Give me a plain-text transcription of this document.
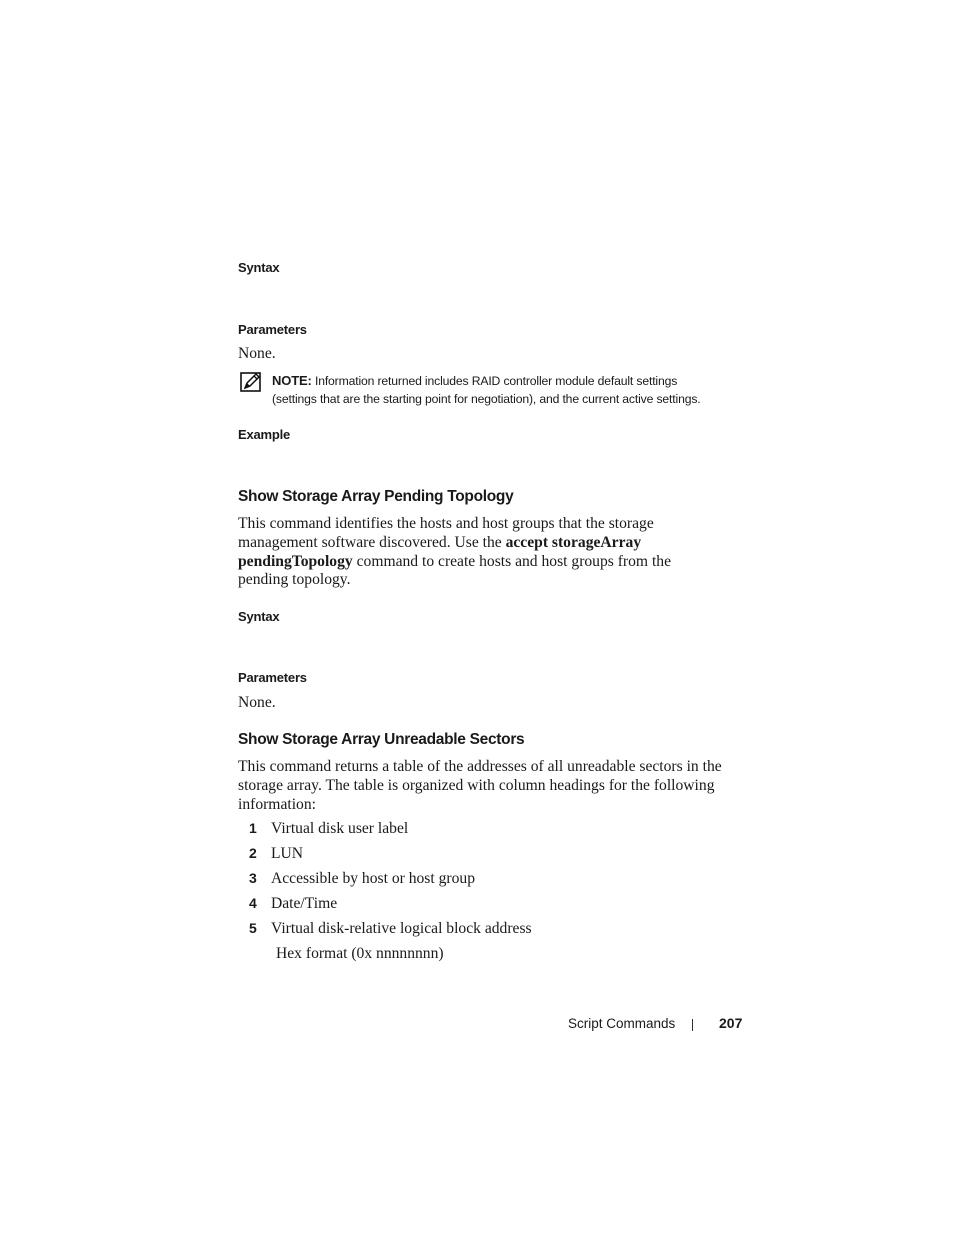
Syntax
Parameters
None.
NOTE: Information returned includes RAID controller module default settings
(settings that are the starting point for negotiation), and the current active settings.
Example
Show Storage Array Pending Topology
This command identifies the hosts and host groups that the storage
management software discovered. Use the accept storageArray
pendingTopology command to create hosts and host groups from the
pending topology.
Syntax
Parameters
None.
Show Storage Array Unreadable Sectors
This command returns a table of the addresses of all unreadable sectors in the
storage array. The table is organized with column headings for the following
information:
1 Virtual disk user label
2 LUN
3 Accessible by host or host group
4 Date/Time
5 Virtual disk-relative logical block address
Hex format (0x nnnnnnnn)
Script Commands	207
